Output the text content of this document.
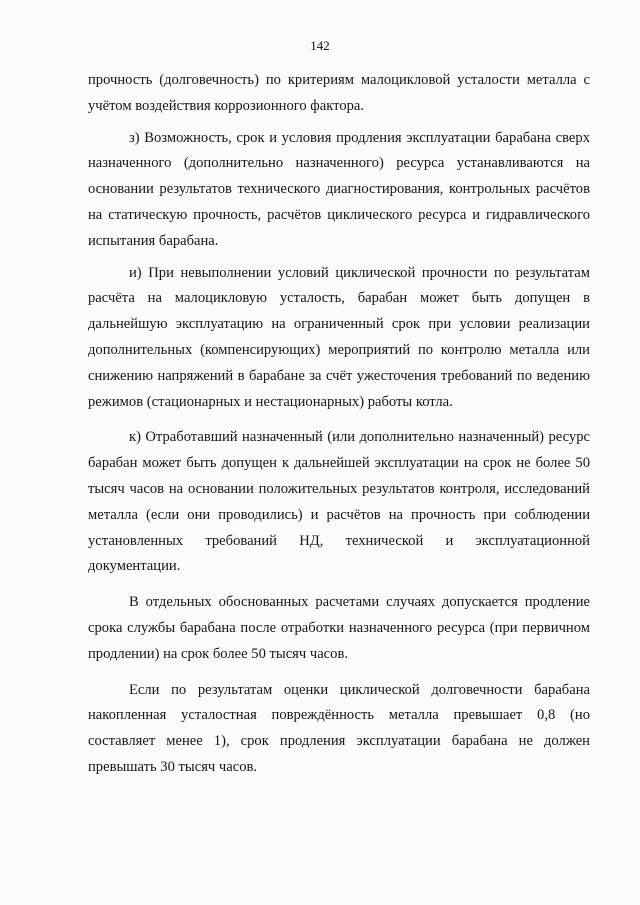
142

прочность (долговечность) по критериям малоцикловой усталости металла с учётом воздействия коррозионного фактора.

з) Возможность, срок и условия продления эксплуатации барабана сверх назначенного (дополнительно назначенного) ресурса устанавливаются на основании результатов технического диагностирования, контрольных расчётов на статическую прочность, расчётов циклического ресурса и гидравлического испытания барабана.

и) При невыполнении условий циклической прочности по результатам расчёта на малоцикловую усталость, барабан может быть допущен в дальнейшую эксплуатацию на ограниченный срок при условии реализации дополнительных (компенсирующих) мероприятий по контролю металла или снижению напряжений в барабане за счёт ужесточения требований по ведению режимов (стационарных и нестационарных) работы котла.

к) Отработавший назначенный (или дополнительно назначенный) ресурс барабан может быть допущен к дальнейшей эксплуатации на срок не более 50 тысяч часов на основании положительных результатов контроля, исследований металла (если они проводились) и расчётов на прочность при соблюдении установленных требований НД, технической и эксплуатационной документации.

В отдельных обоснованных расчетами случаях допускается продление срока службы барабана после отработки назначенного ресурса (при первичном продлении) на срок более 50 тысяч часов.

Если по результатам оценки циклической долговечности барабана накопленная усталостная повреждённость металла превышает 0,8 (но составляет менее 1), срок продления эксплуатации барабана не должен превышать 30 тысяч часов.
